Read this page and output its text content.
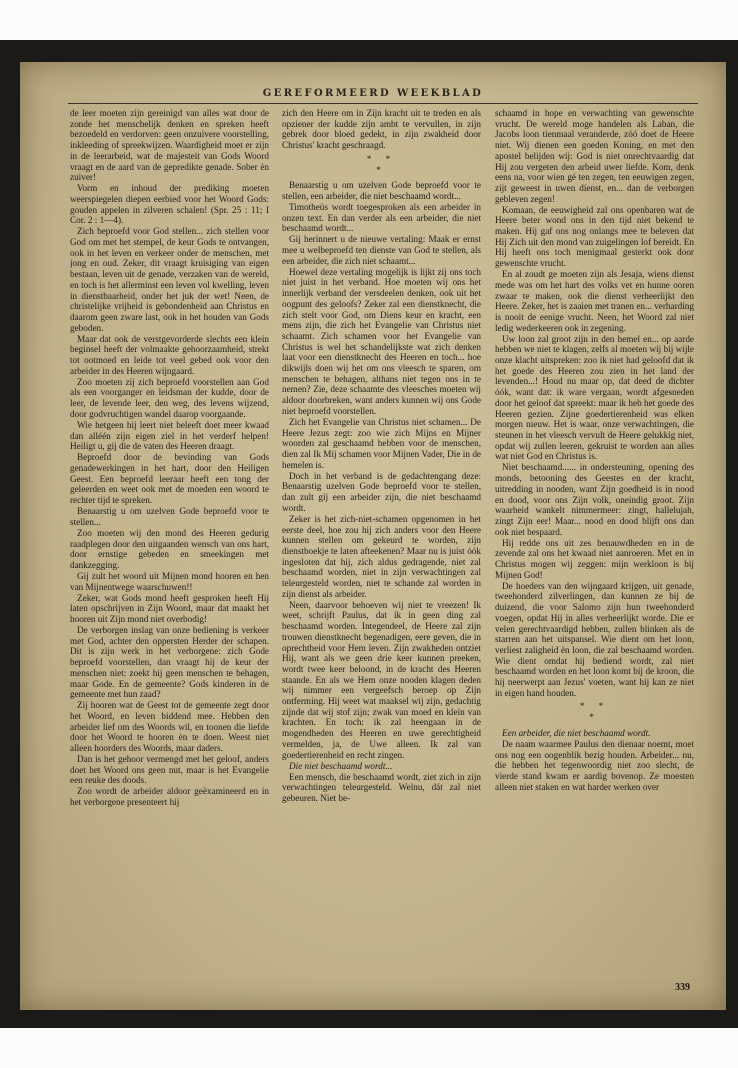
GEREFORMEERD WEEKBLAD

de leer moeten zijn gereinigd van alles wat door de zonde het menschelijk denken en spreken heeft bezoedeld en verdorven: geen onzuivere voorstelling, inkleeding of spreekwijzen. Waardigheid moet er zijn in de leerarbeid, wat de majesteit van Gods Woord vraagt en de aard van de gepredikte genade. Sober èn zuiver!

Vorm en inhoud der prediking moeten weerspiegelen diepen eerbied voor het Woord Gods: gouden appelen in zilveren schalen! (Spr. 25 : 11; I Cor. 2 : 1—4).

Zich beproefd voor God stellen... zich stellen voor God om met het stempel, de keur Gods te ontvangen, ook in het leven en verkeer onder de menschen, met jong en oud. Zeker, dit vraagt kruisiging van eigen bestaan, leven uit de genade, verzaken van de wereld, en toch is het allerminst een leven vol kwelling, leven in dienstbaarheid, onder het juk der wet! Neen, de christelijke vrijheid is gebondenheid aan Christus en daarom geen zware last, ook in het houden van Gods geboden.

Maar dat ook de verstgevorderde slechts een klein beginsel heeft der volmaakte gehoorzaamheid, strekt tot ootmoed en leide tot veel gebed ook voor den arbeider in des Heeren wijngaard.

Zoo moeten zij zich beproefd voorstellen aan God als een voorganger en leidsman der kudde, door de leer, de levende leer, den weg, des levens wijzend, door godvruchtigen wandel daarop voorgaande.

Wie hetgeen hij leert niet beleeft doet meer kwaad dan alléén zijn eigen ziel in het verderf helpen! Heiligt u, gij die de vaten des Heeren draagt.

Beproefd door de bevinding van Gods genadewerkingen in het hart, door den Heiligen Geest. Een beproefd leeraar heeft een tong der geleerden en weet ook met de moeden een woord te rechter tijd te spreken.

Benaarstig u om uzelven Gode beproefd voor te stellen...

Zoo moeten wij den mond des Heeren gedurig raadplegen door den uitgaanden wensch van ons hart, door ernstige gebeden en smeekingen met dankzegging.

Gij zult het woord uit Mijnen mond hooren en hen van Mijnentwege waarschuwen!!

Zeker, wat Gods mond heeft gesproken heeft Hij laten opschrijven in Zijn Woord, maar dat maakt het hooren uit Zijn mond niet overbodig!

De verborgen inslag van onze bediening is verkeer met God, achter den oppersten Herder der schapen. Dit is zijn werk in het verborgene: zich Gode beproefd voorstellen, dan vraagt hij de keur der menschen niet: zoekt hij geen menschen te behagen, maar Gode. En de gemeente? Gods kinderen in de gemeente met hun zaad?

Zij hooren wat de Geest tot de gemeente zegt door het Woord, en leven biddend mee. Hebben den arbeider lief om des Woords wil, en toonen die liefde door het Woord te hooren èn te doen. Weest niet alleen hoorders des Woords, maar daders.

Dan is het gehoor vermengd met het geloof, anders doet het Woord ons geen nut, maar is het Evangelie een reuke des doods.

Zoo wordt de arbeider aldoor geëxamineerd en in het verborgene presenteert hij

zich den Heere om in Zijn kracht uit te treden en als opziener der kudde zijn ambt te vervullen, in zijn gebrek door bloed gedekt, in zijn zwakheid door Christus' kracht geschraagd.

* *
*

Benaarstig u om uzelven Gode beproefd voor te stellen, een arbeider, die niet beschaamd wordt...

Timotheüs wordt toegesproken als een arbeider in onzen text. En dan verder als een arbeider, die niet beschaamd wordt...

Gij herinnert u de nieuwe vertaling: Maak er ernst mee u welbeproefd ten dienste van God te stellen, als een arbeider, die zich niet schaamt...

Hoewel deze vertaling mogelijk is lijkt zij ons toch niet juist in het verband. Hoe moeten wij ons het innerlijk verband der versdeelen denken, ook uit het oogpunt des geloofs? Zeker zal een dienstknecht, die zich stelt voor God, om Diens keur en kracht, een mens zijn, die zich het Evangelie van Christus niet schaamt. Zich schamen voor het Evangelie van Christus is wel het schandelijkste wat zich denken laat voor een dienstknecht des Heeren en toch... hoe dikwijls doen wij het om ons vleesch te sparen, om menschen te behagen, althans niet tegen ons in te nemen? Zie, deze schaamte des vleesches moeten wij aldoor doorbreken, want anders kunnen wij ons Gode niet beproefd voorstellen.

Zich het Evangelie van Christus niet schamen... De Heere Jezus zegt: zoo wie zich Mijns en Mijner woorden zal geschaamd hebben voor de menschen, dien zal Ik Mij schamen voor Mijnen Vader, Die in de hemelen is.

Doch in het verband is de gedachtengang deze: Benaarstig uzelven Gode beproefd voor te stellen, dan zult gij een arbeider zijn, die niet beschaamd wordt.

Zeker is het zich-niet-schamen opgenomen in het eerste deel, hoe zou hij zich anders voor den Heere kunnen stellen om gekeurd te worden, zijn dienstboekje te laten afteekenen? Maar nu is juist óók ingesloten dat hij, zich aldus gedragende, niet zal beschaamd worden, niet in zijn verwachtingen zal teleurgesteld worden, niet te schande zal worden in zijn dienst als arbeider.

Neen, daarvoor behoeven wij niet te vreezen! Ik weet, schrijft Paulus, dat ik in geen ding zal beschaamd worden. Integendeel, de Heere zal zijn trouwen dienstknecht begenadigen, eere geven, die in oprechtheid voor Hem leven. Zijn zwakheden ontziet Hij, want als we geen drie keer kunnen preeken, wordt twee keer beloond, in de kracht des Heeren staande. En als we Hem onze nooden klagen deden wij nimmer een vergeefsch beroep op Zijn ontferming. Hij weet wat maaksel wij zijn, gedachtig zijnde dat wij stof zijn; zwak van moed en klein van krachten. En toch: ik zal heengaan in de mogendheden des Heeren en uwe gerechtigheid vermelden, ja, de Uwe alleen. Ik zal van goedertierenheid en recht zingen.

Die niet beschaamd wordt...

Een mensch, die beschaamd wordt, ziet zich in zijn verwachtingen teleurgesteld. Welnu, dát zal niet gebeuren. Niet be-

schaamd in hope en verwachting van gewenschte vrucht. De wereld moge handelen als Laban, die Jacobs loon tienmaal veranderde, zóó doet de Heere niet. Wij dienen een goeden Koning, en met den apostel belijden wij: God is niet onrechtvaardig dat Hij zou vergeten den arbeid uwer liefde. Kom, denk eens na, voor wien gé ten zegen, ten eeuwigen zegen, zijt geweest in uwen dienst, en... dan de verborgen gebleven zegen!

Komaan, de eeuwigheid zal ons openbaren wat de Heere beter wond ons in den tijd niet bekend te maken. Hij gaf ons nog onlangs mee te beleven dat Hij Zich uit den mond van zuigelingen lof bereidt. En Hij heeft ons toch menigmaal gesterkt ook door gewenschte vrucht.

En al zoudt ge moeten zijn als Jesaja, wiens dienst mede was om het hart des volks vet en hunne ooren zwaar te maken, ook die dienst verheerlijkt den Heere. Zeker, het is zaaien met tranen en... verharding is nooit de eenige vrucht. Neen, het Woord zal niet ledig wederkeeren ook in zegening.

Uw loon zal groot zijn in den hemel en... op aarde hebben we niet te klagen, zelfs al moeten wij bij wijle onze klacht uitspreken: zoo ik niet had geloofd dat ik het goede des Heeren zou zien in het land der levenden...! Houd nu maar op, dat deed de dichter óók, want dat: ik ware vergaan, wordt afgesneden door het geloof dat spreekt: maar ik heb het goede des Heeren gezien. Zijne goedertierenheid was elken morgen nieuw. Het is waar, onze verwachtingen, die steunen in het vleesch vervult de Heere gelukkig niet, opdat wij zullen leeren, gekruist te worden aan alles wat niet God en Christus is.

Niet beschaamd...... in ondersteuning, opening des monds, betooning des Geestes en der kracht, uitredding in nooden, want Zijn goedheid is in nood en dood, voor ons Zijn volk, oneindig groot. Zijn waarheid wankelt nimmermeer: zingt, hallelujah, zingt Zijn eer! Maar... nood en dood blijft ons dan ook niet bespaard.

Hij redde ons uit zes benauwdheden en in de zevende zal ons het kwaad niet aanroeren. Met en in Christus mogen wij zeggen: mijn werkloon is bij Mijnen God!

De hoeders van den wijngaard krijgen, uit genade, tweehonderd zilverlingen, dan kunnen ze bij de duizend, die voor Salomo zijn hun tweehonderd voegen, opdat Hij in alles verheerlijkt worde. Die er velen gerechtvaardigd hebben, zullen blinken als de starren aan het uitspansel. Wie dient om het loon, verliest zaligheid èn loon, die zal beschaamd worden. Wie dient omdat hij bediend wordt, zal niet beschaamd worden en het loon komt bij de kroon, die hij neerwerpt aan Jezus' voeten, want hij kan ze niet in eigen hand houden.

* *
*

Een arbeider, die niet beschaamd wordt.

De naam waarmee Paulus den dienaar noemt, moet ons nog een oogenblik bezig houden. Arbeider... nu, die hebben het tegenwoordig niet zoo slecht, de vierde stand kwam er aardig bovenop. Ze moesten alleen niet staken en wat harder werken over

339
